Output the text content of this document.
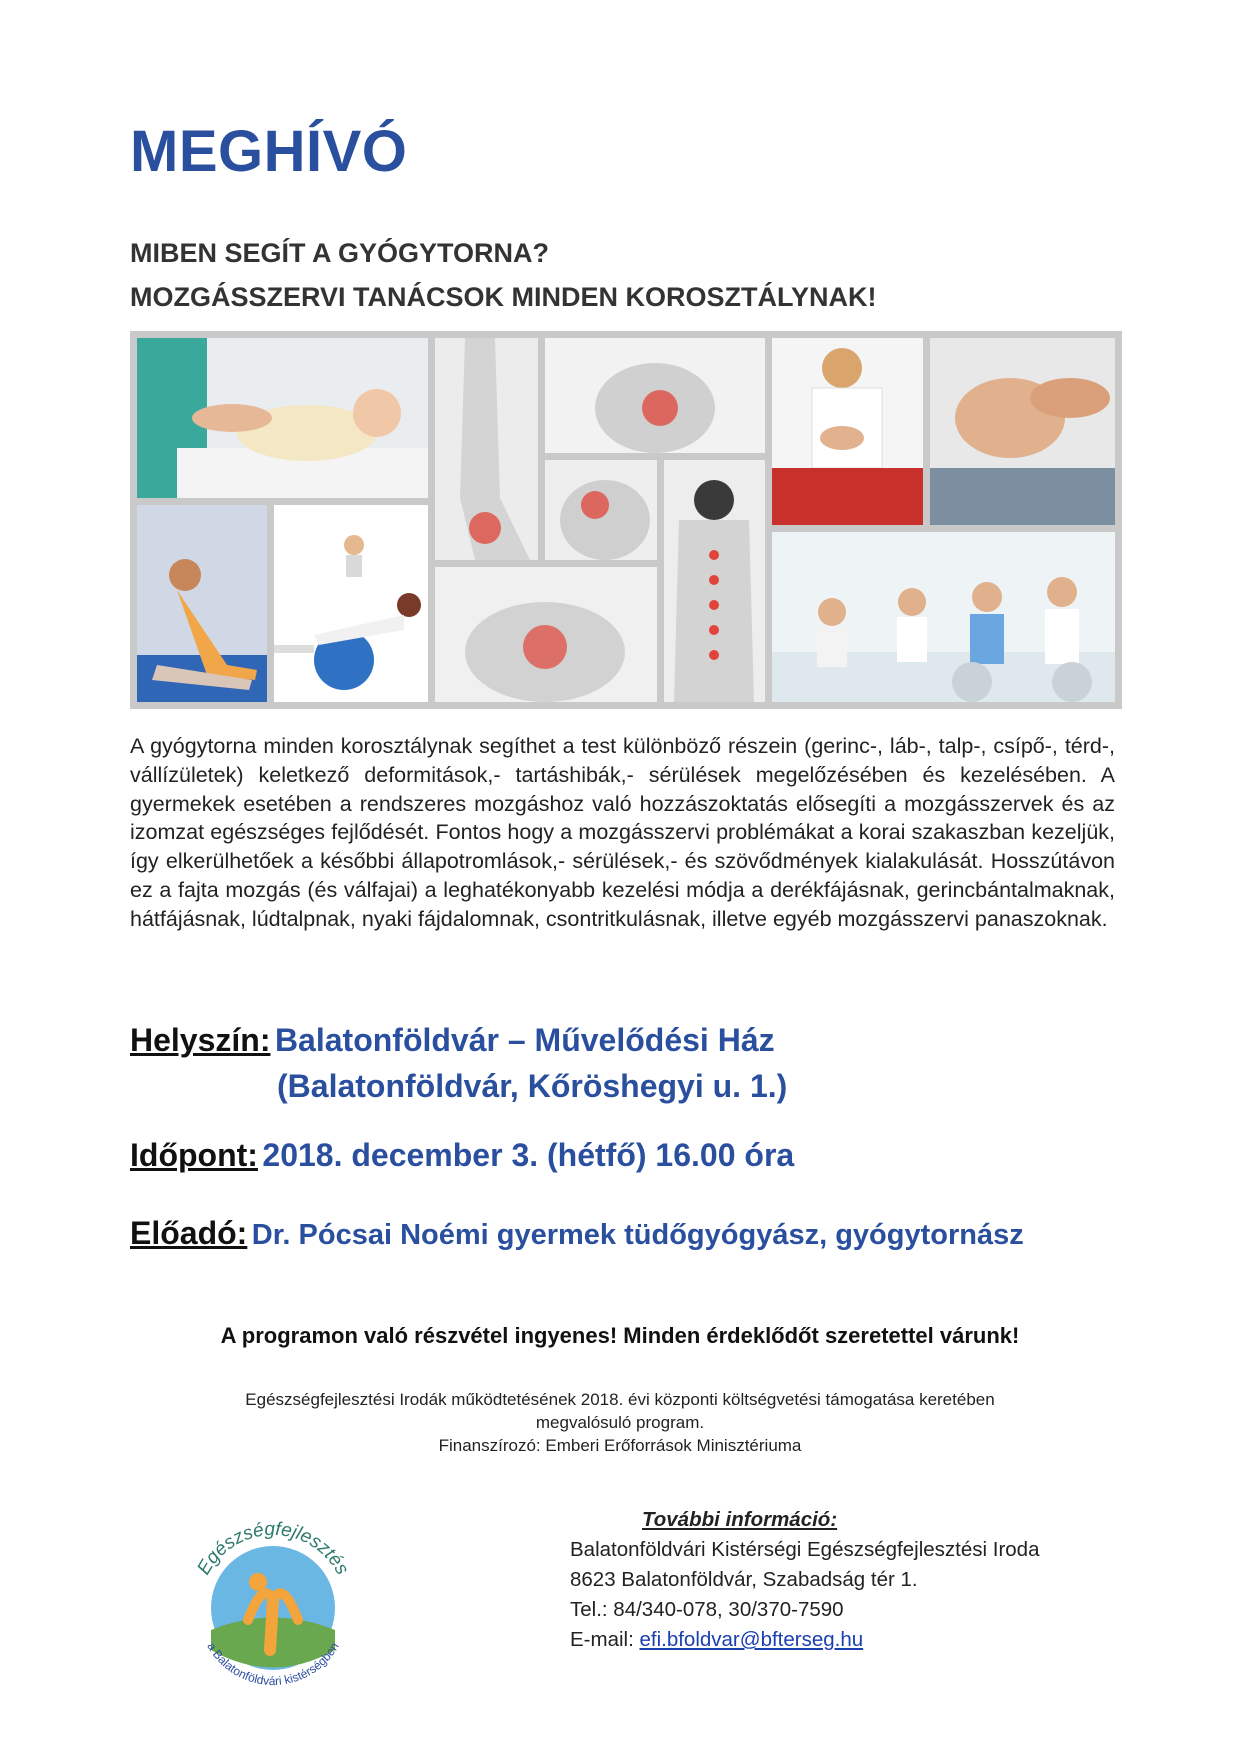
MEGHÍVÓ
MIBEN SEGÍT A GYÓGYTORNA?
MOZGÁSSZERVI TANÁCSOK MINDEN KOROSZTÁLYNAK!
A gyógytorna minden korosztálynak segíthet a test különböző részein (gerinc-, láb-, talp-, csípő-, térd-, vállízületek) keletkező deformitások,- tartáshibák,- sérülések megelőzésében és kezelésében. A gyermekek esetében a rendszeres mozgáshoz való hozzászoktatás elősegíti a mozgásszervek és az izomzat egészséges fejlődését. Fontos hogy a mozgásszervi problémákat a korai szakaszban kezeljük, így elkerülhetőek a későbbi állapotromlások,- sérülések,- és szövődmények kialakulását. Hosszútávon ez a fajta mozgás (és válfajai) a leghatékonyabb kezelési módja a derékfájásnak, gerincbántalmaknak, hátfájásnak, lúdtalpnak, nyaki fájdalomnak, csontritkulásnak, illetve egyéb mozgásszervi panaszoknak.
Helyszín: Balatonföldvár – Művelődési Ház
(Balatonföldvár, Kőröshegyi u. 1.)
Időpont: 2018. december 3. (hétfő) 16.00 óra
Előadó: Dr. Pócsai Noémi gyermek tüdőgyógyász, gyógytornász
A programon való részvétel ingyenes! Minden érdeklődőt szeretettel várunk!
Egészségfejlesztési Irodák működtetésének 2018. évi központi költségvetési támogatása keretében
megvalósuló program.
Finanszírozó: Emberi Erőforrások Minisztériuma
Egészségfejlesztés
a Balatonföldvári kistérségben
További információ:
Balatonföldvári Kistérségi Egészségfejlesztési Iroda
8623 Balatonföldvár, Szabadság tér 1.
Tel.: 84/340-078, 30/370-7590
E-mail: efi.bfoldvar@bfterseg.hu
